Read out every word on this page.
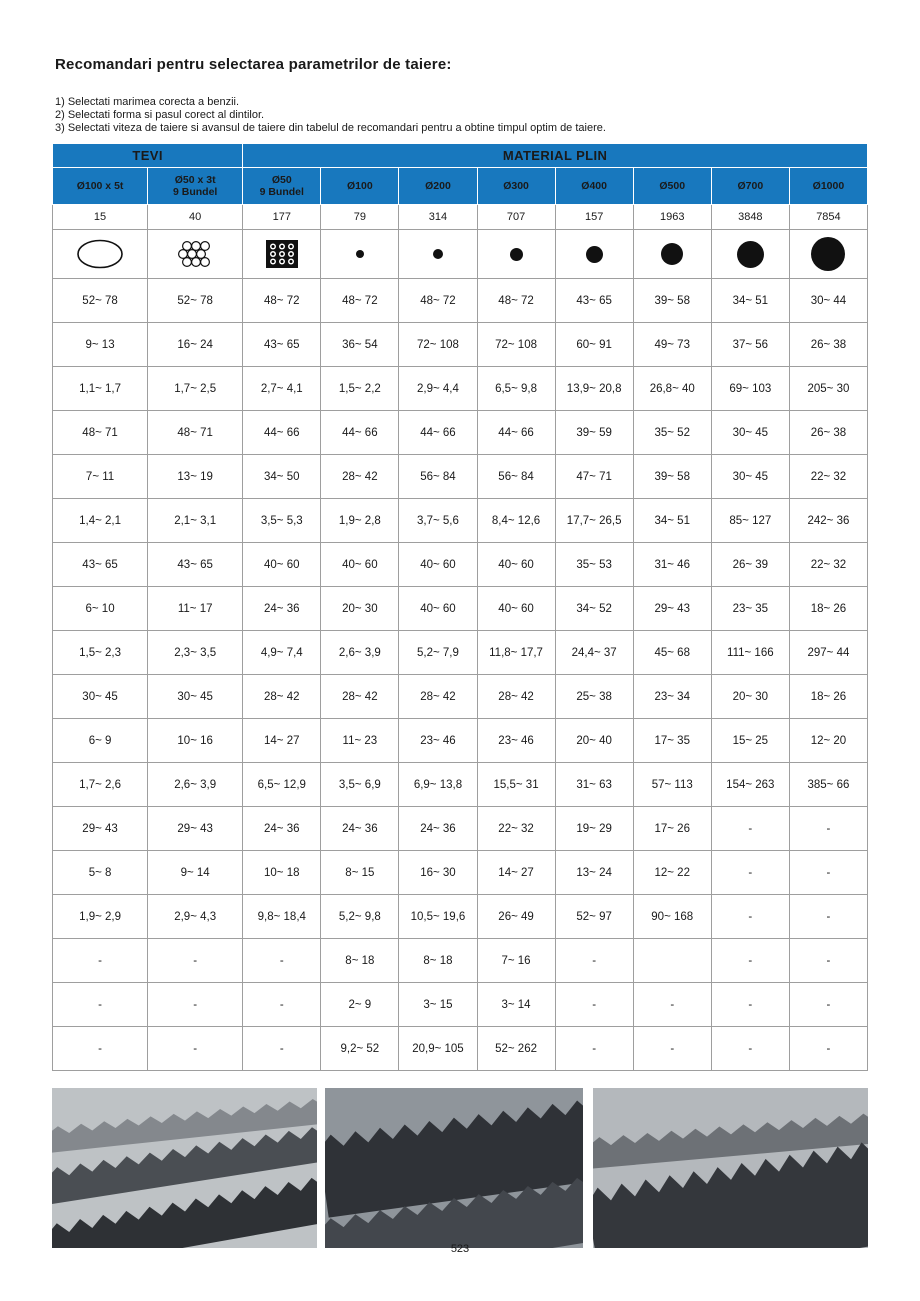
Recomandari pentru selectarea parametrilor de taiere:
1) Selectati marimea corecta a benzii.
2) Selectati forma si pasul corect al dintilor.
3) Selectati viteza de taiere si avansul de taiere din tabelul de recomandari pentru a obtine timpul optim de taiere.
TEVI		MATERIAL PLIN							

Ø100 x 5t	Ø50 x 3t
9 Bundel

Ø50
9 Bundel	Ø100	Ø200	Ø300	Ø400	Ø500	Ø700	Ø1000

15	40	177	79	314	707	157	1963	3848	7854

52~ 78	52~ 78	48~ 72	48~ 72	48~ 72	48~ 72	43~ 65	39~ 58	34~ 51	30~ 44
9~ 13	16~ 24	43~ 65	36~ 54	72~ 108	72~ 108	60~ 91	49~ 73	37~ 56	26~ 38
1,1~ 1,7	1,7~ 2,5	2,7~ 4,1	1,5~ 2,2	2,9~ 4,4	6,5~ 9,8	13,9~ 20,8	26,8~ 40	69~ 103	205~ 30
48~ 71	48~ 71	44~ 66	44~ 66	44~ 66	44~ 66	39~ 59	35~ 52	30~ 45	26~ 38
7~ 11	13~ 19	34~ 50	28~ 42	56~ 84	56~ 84	47~ 71	39~ 58	30~ 45	22~ 32
1,4~ 2,1	2,1~ 3,1	3,5~ 5,3	1,9~ 2,8	3,7~ 5,6	8,4~ 12,6	17,7~ 26,5	34~ 51	85~ 127	242~ 36
43~ 65	43~ 65	40~ 60	40~ 60	40~ 60	40~ 60	35~ 53	31~ 46	26~ 39	22~ 32
6~ 10	11~ 17	24~ 36	20~ 30	40~ 60	40~ 60	34~ 52	29~ 43	23~ 35	18~ 26
1,5~ 2,3	2,3~ 3,5	4,9~ 7,4	2,6~ 3,9	5,2~ 7,9	11,8~ 17,7	24,4~ 37	45~ 68	111~ 166	297~ 44
30~ 45	30~ 45	28~ 42	28~ 42	28~ 42	28~ 42	25~ 38	23~ 34	20~ 30	18~ 26
6~ 9	10~ 16	14~ 27	11~ 23	23~ 46	23~ 46	20~ 40	17~ 35	15~ 25	12~ 20
1,7~ 2,6	2,6~ 3,9	6,5~ 12,9	3,5~ 6,9	6,9~ 13,8	15,5~ 31	31~ 63	57~ 113	154~ 263	385~ 66
29~ 43	29~ 43	24~ 36	24~ 36	24~ 36	22~ 32	19~ 29	17~ 26	-	-
5~ 8	9~ 14	10~ 18	8~ 15	16~ 30	14~ 27	13~ 24	12~ 22	-	-
1,9~ 2,9	2,9~ 4,3	9,8~ 18,4	5,2~ 9,8	10,5~ 19,6	26~ 49	52~ 97	90~ 168	-	-
-	-	-	8~ 18	8~ 18	7~ 16	-		-	-
-	-	-	2~ 9	3~ 15	3~ 14	-	-	-	-
-	-	-	9,2~ 52	20,9~ 105	52~ 262	-	-	-	-
523
